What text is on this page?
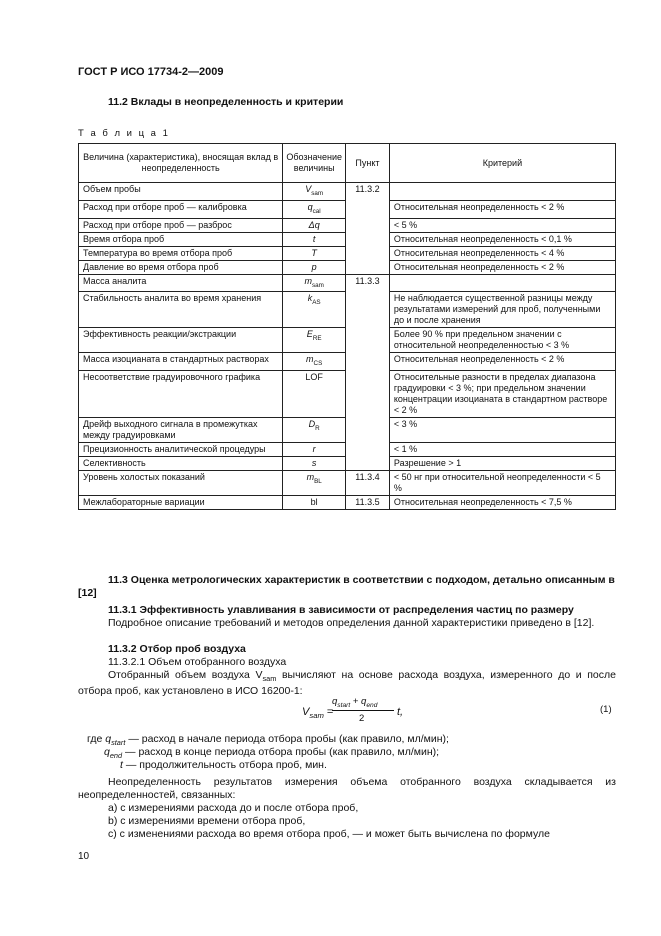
ГОСТ Р ИСО 17734-2—2009
11.2 Вклады в неопределенность и критерии
Т а б л и ц а 1
Величина (характеристика), вносящая вклад в неопределенность	Обозначение величины	Пункт	Критерий
Объем пробы	$V_{sam}$	11.3.2	
Расход при отборе проб — калибровка	$q_{cal}$		Относительная неопределенность < 2 %
Расход при отборе проб — разброс	Δq		< 5 %
Время отбора проб	t		Относительная неопределенность < 0,1 %
Температура во время отбора проб	T		Относительная неопределенность < 4 %
Давление во время отбора проб	p		Относительная неопределенность < 2 %
Масса аналита	$m_{sam}$	11.3.3	
Стабильность аналита во время хранения	$k_{AS}$		Не наблюдается существенной разницы между результатами измерений для проб, полученными до и после хранения
Эффективность реакции/экстракции	$E_{RE}$		Более 90 % при предельном значении с относительной неопределенностью < 3 %
Масса изоцианата в стандартных растворах	$m_{CS}$		Относительная неопределенность < 2 %
Несоответствие градуировочного графика	LOF		Относительные разности в пределах диапазона градуировки < 3 %; при предельном значении концентрации изоцианата в стандартном растворе < 2 %
Дрейф выходного сигнала в промежутках между градуировками	$D_R$		< 3 %
Прецизионность аналитической процедуры	r		< 1 %
Селективность	s		Разрешение > 1
Уровень холостых показаний	$m_{BL}$	11.3.4	< 50 нг при относительной неопределенности < 5 %
Межлабораторные вариации	bl	11.3.5	Относительная неопределенность < 7,5 %
11.3 Оценка метрологических характеристик в соответствии с подходом, детально описанным в [12]
11.3.1 Эффективность улавливания в зависимости от распределения частиц по размеру
Подробное описание требований и методов определения данной характеристики приведено в [12].
11.3.2 Отбор проб воздуха
11.3.2.1 Объем отобранного воздуха
Отобранный объем воздуха $V_{sam}$ вычисляют на основе расхода воздуха, измеренного до и после отбора проб, как установлено в ИСО 16200-1:
$V_{sam}$ =
$q_{start} + q_{end}$
2
t,	(1)
где $q_{start}$ — расход в начале периода отбора пробы (как правило, мл/мин);
$q_{end}$ — расход в конце периода отбора пробы (как правило, мл/мин);
t — продолжительность отбора проб, мин.
Неопределенность результатов измерения объема отобранного воздуха складывается из неопределенностей, связанных:
a) с измерениями расхода до и после отбора проб,
b) с измерениями времени отбора проб,
c) с изменениями расхода во время отбора проб, — и может быть вычислена по формуле
10
